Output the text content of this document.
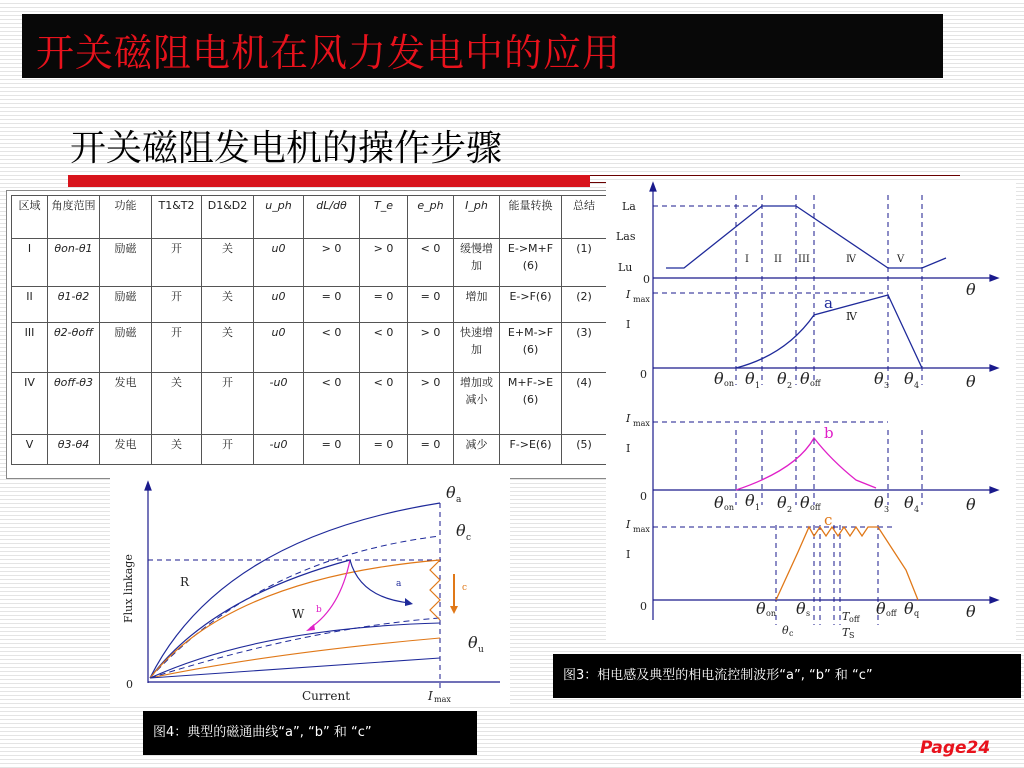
开关磁阻电机在风力发电中的应用
开关磁阻发电机的操作步骤
区域	角度范围	功能	T1&T2	D1&D2	u_ph	dL/dθ	T_e	e_ph	I_ph	能量转换	总结
I	θon-θ1	励磁	开	关	u0	> 0	> 0	< 0	缓慢增加	E->M+F(6)	(1)
II	θ1-θ2	励磁	开	关	u0	= 0	= 0	= 0	增加	E->F(6)	(2)
III	θ2-θoff	励磁	开	关	u0	< 0	< 0	> 0	快速增加	E+M->F(6)	(3)
IV	θoff-θ3	发电	关	开	-u0	< 0	< 0	> 0	增加或减小	M+F->E(6)	(4)
V	θ3-θ4	发电	关	开	-u0	= 0	= 0	= 0	减少	F->E(6)	(5)
La
Las
Lu
0
0
0
0
I max
I
I max
I
I max
I
I	II III	Ⅳ	V
Ⅳ
a
b
c
θ
θ
θ
θ
θ θ θ θ	θ θ
on	1	2 off	3	4
θ θ θ θ	θ θ
on	1	2 off	3	4
θ θ
θ
T
T
θ θ
on	s
c
off
S
off q
0
Flux linkage
Current	I max
θ a
θ c
θ u
R
W
a
b
c
图3：相电感及典型的相电流控制波形“a”, “b” 和 “c”
图4：典型的磁通曲线“a”, “b” 和 “c”
Page24
